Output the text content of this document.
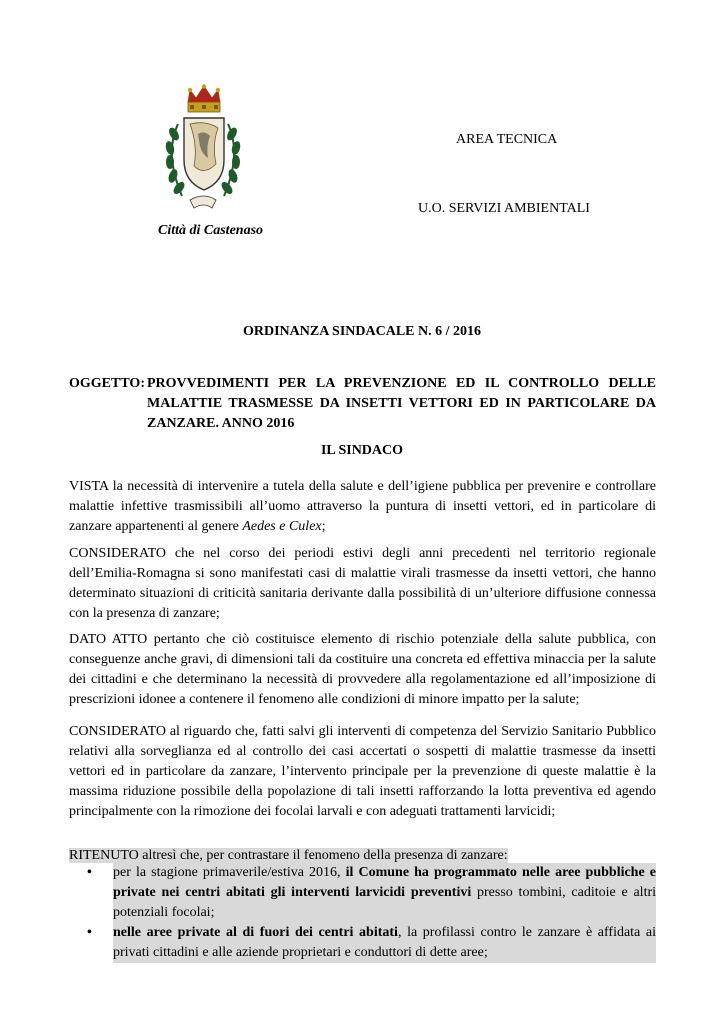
Città di Castenaso
AREA TECNICA
U.O. SERVIZI AMBIENTALI
ORDINANZA SINDACALE N. 6 / 2016
OGGETTO: PROVVEDIMENTI PER LA PREVENZIONE ED IL CONTROLLO DELLE MALATTIE TRASMESSE DA INSETTI VETTORI ED IN PARTICOLARE DA ZANZARE. ANNO 2016
IL SINDACO
VISTA la necessità di intervenire a tutela della salute e dell’igiene pubblica per prevenire e controllare malattie infettive trasmissibili all’uomo attraverso la puntura di insetti vettori, ed in particolare di zanzare appartenenti al genere Aedes e Culex;
CONSIDERATO che nel corso dei periodi estivi degli anni precedenti nel territorio regionale dell’Emilia-Romagna si sono manifestati casi di malattie virali trasmesse da insetti vettori, che hanno determinato situazioni di criticità sanitaria derivante dalla possibilità di un’ulteriore diffusione connessa con la presenza di zanzare;
DATO ATTO pertanto che ciò costituisce elemento di rischio potenziale della salute pubblica, con conseguenze anche gravi, di dimensioni tali da costituire una concreta ed effettiva minaccia per la salute dei cittadini e che determinano la necessità di provvedere alla regolamentazione ed all’imposizione di prescrizioni idonee a contenere il fenomeno alle condizioni di minore impatto per la salute;
CONSIDERATO al riguardo che, fatti salvi gli interventi di competenza del Servizio Sanitario Pubblico relativi alla sorveglianza ed al controllo dei casi accertati o sospetti di malattie trasmesse da insetti vettori ed in particolare da zanzare, l’intervento principale per la prevenzione di queste malattie è la massima riduzione possibile della popolazione di tali insetti rafforzando la lotta preventiva ed agendo principalmente con la rimozione dei focolai larvali e con adeguati trattamenti larvicidi;
RITENUTO altresì che, per contrastare il fenomeno della presenza di zanzare:
• per la stagione primaverile/estiva 2016, il Comune ha programmato nelle aree pubbliche e private nei centri abitati gli interventi larvicidi preventivi presso tombini, caditoie e altri potenziali focolai;
• nelle aree private al di fuori dei centri abitati, la profilassi contro le zanzare è affidata ai privati cittadini e alle aziende proprietari e conduttori di dette aree;
